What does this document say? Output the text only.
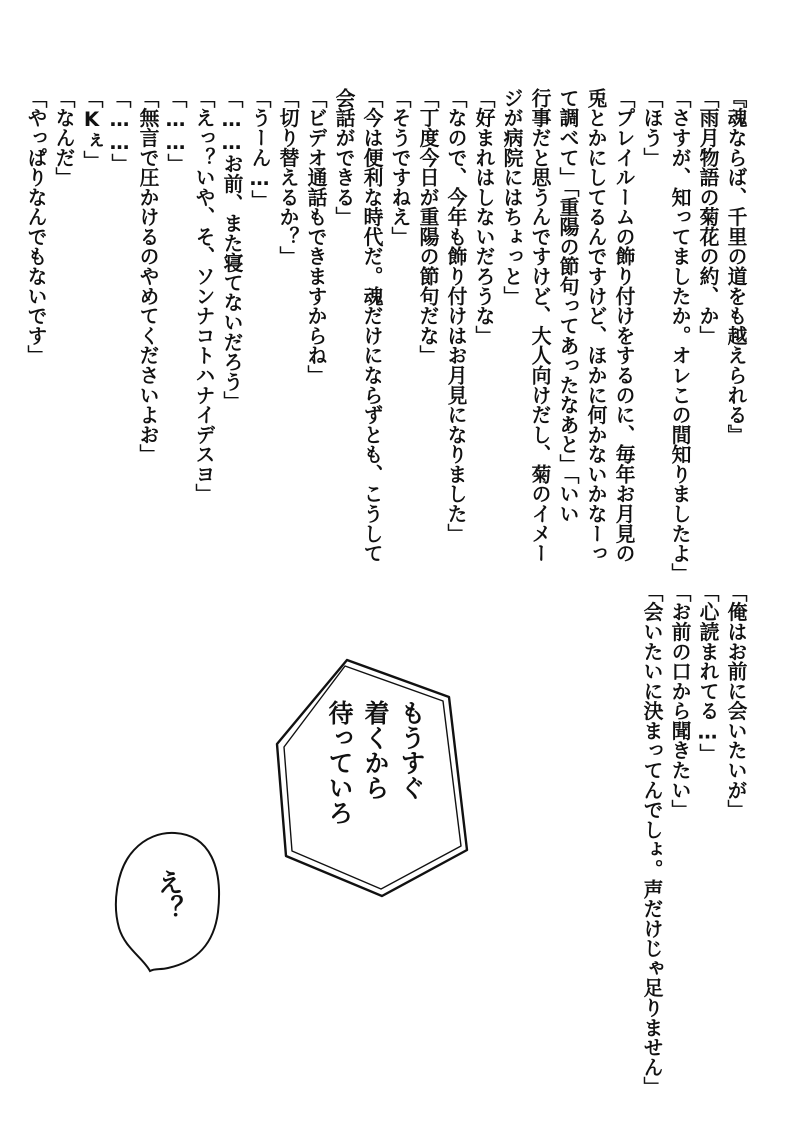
『魂ならば、千里の道をも越えられる』
「雨月物語の菊花の約、か」
「さすが、知ってましたか。オレこの間知りましたよ」
「ほう」
「プレイルームの飾り付けをするのに、毎年お月見の
兎とかにしてるんですけど、ほかに何かないかなーっ
て調べて」「重陽の節句ってあったなあと」「いい
行事だと思うんですけど、大人向けだし、菊のイメー
ジが病院にはちょっと」
「好まれはしないだろうな」
「なので、今年も飾り付けはお月見になりました」
「丁度今日が重陽の節句だな」
「そうですねえ」
「今は便利な時代だ。魂だけにならずとも、こうして
会話ができる」
「ビデオ通話もできますからね」
「切り替えるか？」
「うーん…」
「……お前、また寝てないだろう」
「えっ？いや、そ、ソンナコトハナイデスヨ」
「……」
「無言で圧かけるのやめてくださいよお」
「……」
「Kぇ」
「なんだ」
「やっぱりなんでもないです」
「俺はお前に会いたいが」
「心読まれてる…」
「お前の口から聞きたい」
「会いたいに決まってんでしょ。声だけじゃ足りません」
もうすぐ
着くから
待っていろ
え？
